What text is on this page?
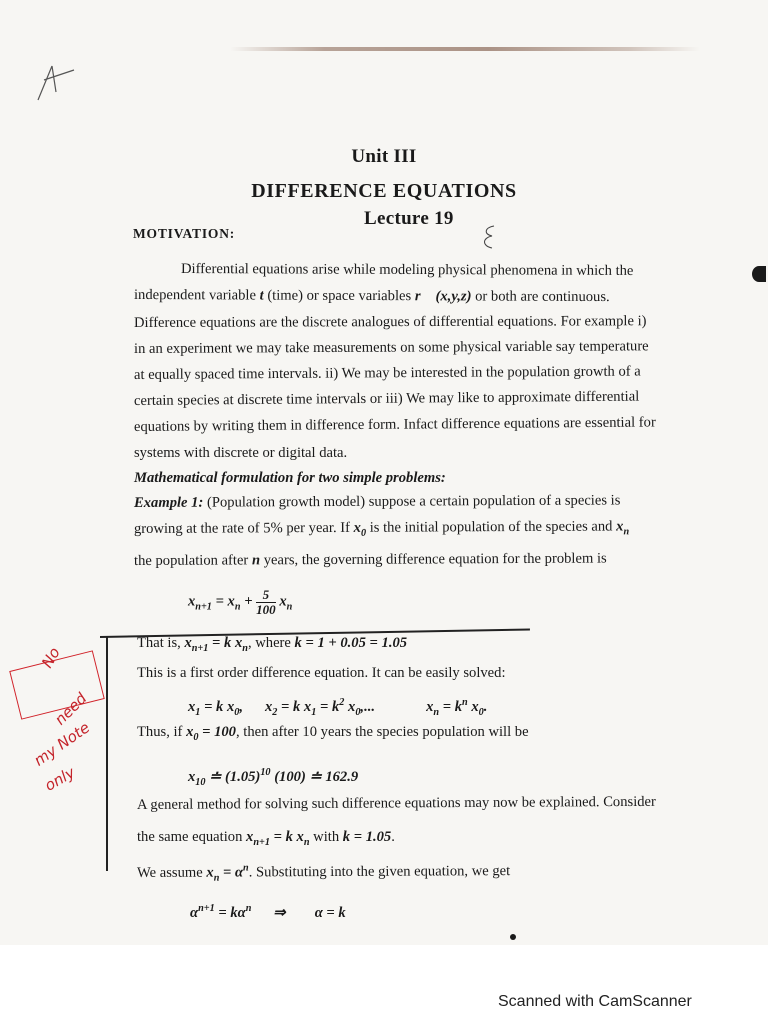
Unit III
DIFFERENCE EQUATIONS
Lecture 19
MOTIVATION:
Differential equations arise while modeling physical phenomena in which the
independent variable t (time) or space variables r⃗ (x,y,z) or both are continuous.
Difference equations are the discrete analogues of differential equations. For example i)
in an experiment we may take measurements on some physical variable say temperature
at equally spaced time intervals. ii) We may be interested in the population growth of a
certain species at discrete time intervals or iii) We may like to approximate differential
equations by writing them in difference form. Infact difference equations are essential for
systems with discrete or digital data.
Mathematical formulation for two simple problems:
Example 1: (Population growth model) suppose a certain population of a species is
growing at the rate of 5% per year. If $x_0$ is the initial population of the species and $x_n$
the population after n years, the governing difference equation for the problem is
$x_{n+1} = x_n + \frac{5}{100} x_n$
That is, $x_{n+1} = k$ $x_n$, where k = 1 + 0.05 = 1.05
This is a first order difference equation. It can be easily solved:
$x_1 = k$ $x_0$, $x_2 = k$ $x_1 = k^2$ $x_0$,...	$x_n = k^n$ $x_0$.
Thus, if $x_0 = 100$, then after 10 years the species population will be
$x_{10}$ ≐ $(1.05)^{10}$ (100) ≐ 162.9
A general method for solving such difference equations may now be explained. Consider
the same equation $x_{n+1} = k$ $x_n$ with k = 1.05.
We assume $x_n = \alpha^n$. Substituting into the given equation, we get
$\alpha^{n+1} = k\alpha^n$ ⇒ α = k
No
need
my Note
only
Scanned with CamScanner
